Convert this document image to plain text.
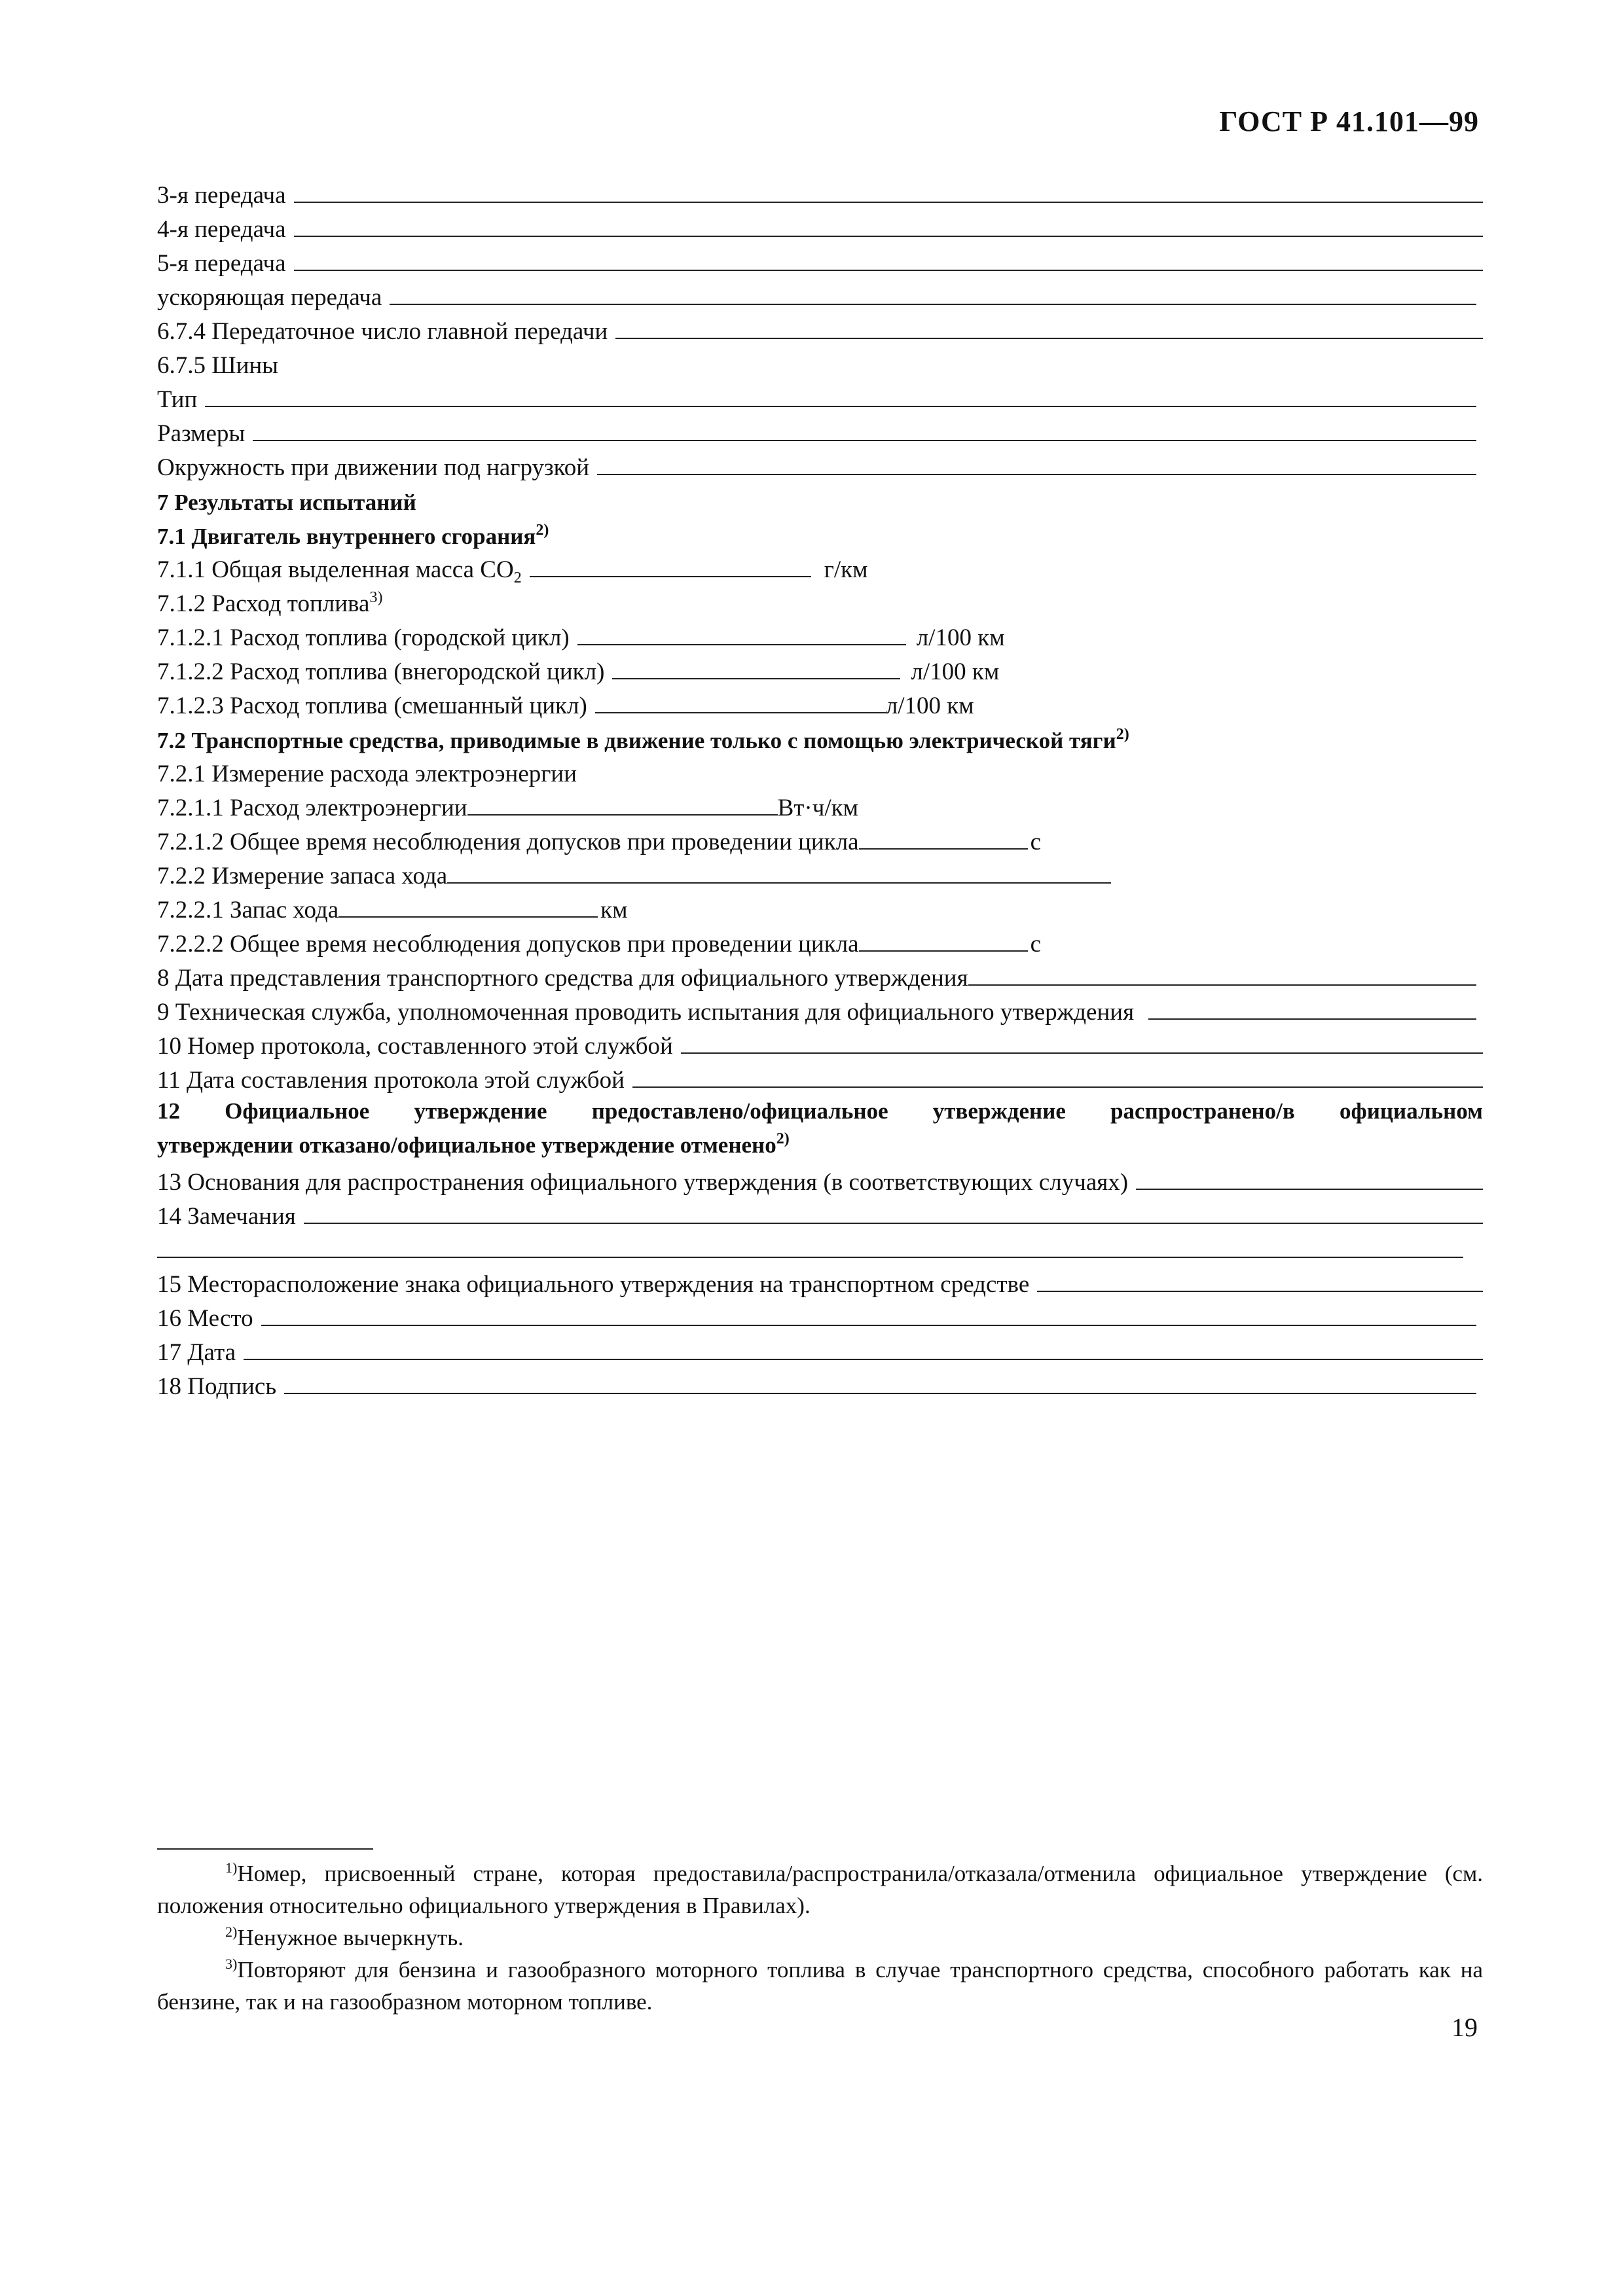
ГОСТ Р 41.101—99
3-я передача
4-я передача
5-я передача
ускоряющая передача
6.7.4 Передаточное число главной передачи
6.7.5 Шины
Тип
Размеры
Окружность при движении под нагрузкой
7 Результаты испытаний
7.1 Двигатель внутреннего сгорания$^{2)}$
7.1.1 Общая выделенная масса $СО_2$	г/км
7.1.2 Расход топлива$^{3)}$
7.1.2.1 Расход топлива (городской цикл)	л/100 км
7.1.2.2 Расход топлива (внегородской цикл)	л/100 км
7.1.2.3 Расход топлива (смешанный цикл)	л/100 км
7.2 Транспортные средства, приводимые в движение только с помощью электрической тяги$^{2)}$
7.2.1 Измерение расхода электроэнергии
7.2.1.1 Расход электроэнергии	Вт·ч/км
7.2.1.2 Общее время несоблюдения допусков при проведении цикла	с
7.2.2 Измерение запаса хода
7.2.2.1 Запас хода	км
7.2.2.2 Общее время несоблюдения допусков при проведении цикла	с
8 Дата представления транспортного средства для официального утверждения
9 Техническая служба, уполномоченная проводить испытания для официального утверждения
10 Номер протокола, составленного этой службой
11 Дата составления протокола этой службой
12 Официальное утверждение предоставлено/официальное утверждение распространено/в официальном
утверждении отказано/официальное утверждение отменено$^{2)}$
13 Основания для распространения официального утверждения (в соответствующих случаях)
14 Замечания
15 Месторасположение знака официального утверждения на транспортном средстве
16 Место
17 Дата
18 Подпись
$^{1)}$Номер, присвоенный стране, которая предоставила/распространила/отказала/отменила официальное утверждение (см. положения относительно официального утверждения в Правилах).
$^{2)}$Ненужное вычеркнуть.
$^{3)}$Повторяют для бензина и газообразного моторного топлива в случае транспортного средства, способного работать как на бензине, так и на газообразном моторном топливе.
19
